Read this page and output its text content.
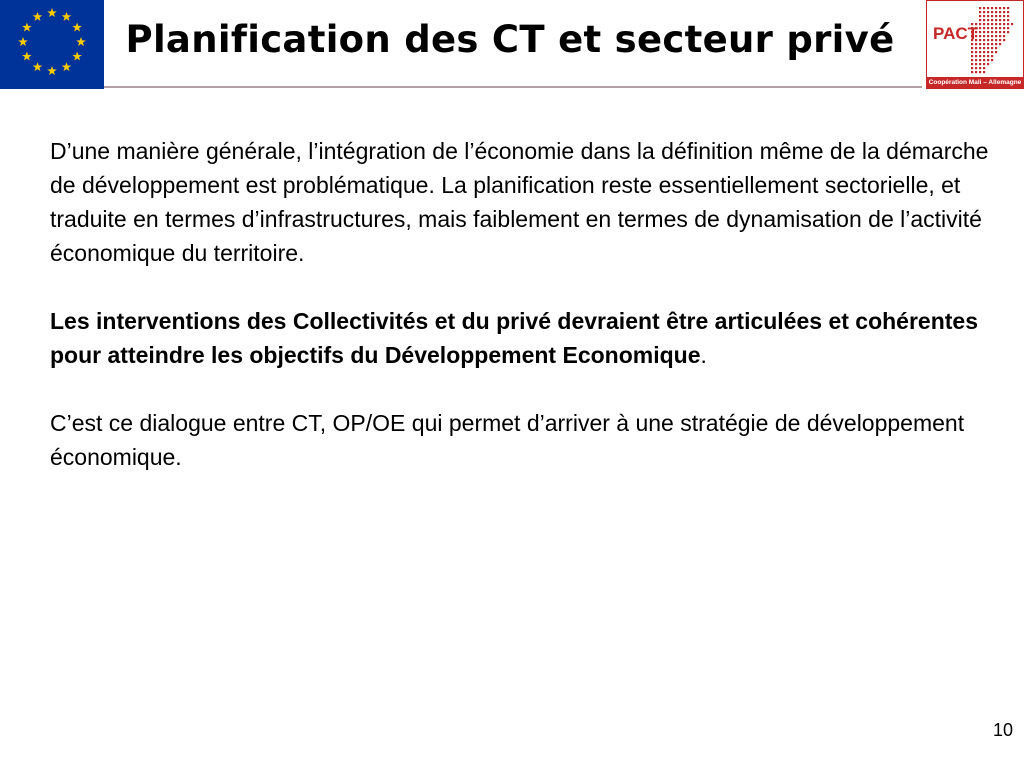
Planification des CT et secteur privé	PACT
Coopération Mali – Allemagne

D’une manière générale, l’intégration de l’économie dans la définition même de la démarche de développement est problématique. La planification reste essentiellement sectorielle, et traduite en termes d’infrastructures, mais faiblement en termes de dynamisation de l’activité économique du territoire.

Les interventions des Collectivités et du privé devraient être articulées et cohérentes pour atteindre les objectifs du Développement Economique.

C’est ce dialogue entre CT, OP/OE qui permet d’arriver à une stratégie de développement économique.

10
